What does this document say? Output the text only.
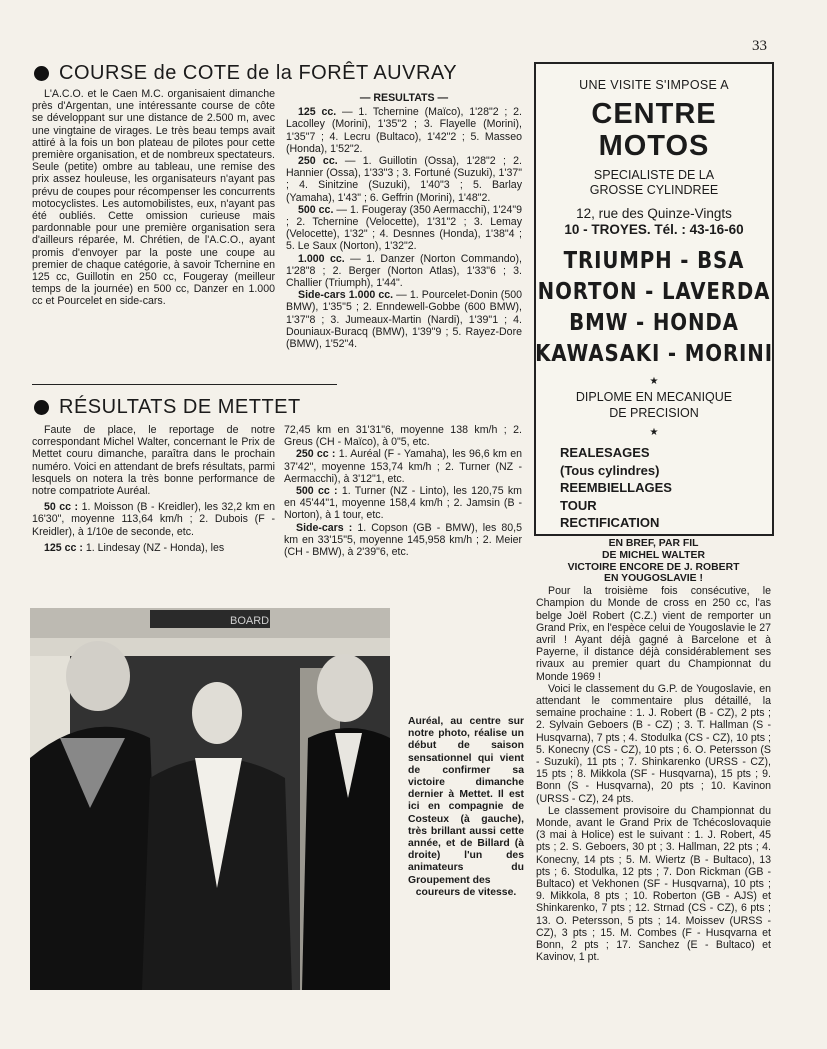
33
COURSE de COTE de la FORÊT AUVRAY

L'A.C.O. et le Caen M.C. organisaient dimanche près d'Argentan, une intéressante course de côte se développant sur une distance de 2.500 m, avec une vingtaine de virages. Le très beau temps avait attiré à la fois un bon plateau de pilotes pour cette première organisation, et de nombreux spectateurs. Seule (petite) ombre au tableau, une remise des prix assez houleuse, les organisateurs n'ayant pas prévu de coupes pour récompenser les concurrents motocyclistes. Les automobilistes, eux, n'ayant pas été oubliés. Cette omission curieuse mais pardonnable pour une première organisation sera d'ailleurs réparée, M. Chrétien, de l'A.C.O., ayant promis d'envoyer par la poste une coupe au premier de chaque catégorie, à savoir Tchernine en 125 cc, Guillotin en 250 cc, Fougeray (meilleur temps de la journée) en 500 cc, Danzer en 1.000 cc et Pourcelet en side-cars.

— RESULTATS —

125 cc. — 1. Tchernine (Maïco), 1'28"2 ; 2. Lacolley (Morini), 1'35"2 ; 3. Flayelle (Morini), 1'35"7 ; 4. Lecru (Bultaco), 1'42"2 ; 5. Masseo (Honda), 1'52"2.

250 cc. — 1. Guillotin (Ossa), 1'28"2 ; 2. Hannier (Ossa), 1'33"3 ; 3. Fortuné (Suzuki), 1'37" ; 4. Sinitzine (Suzuki), 1'40"3 ; 5. Barlay (Yamaha), 1'43" ; 6. Geffrin (Morini), 1'48"2.

500 cc. — 1. Fougeray (350 Aermacchi), 1'24"9 ; 2. Tchernine (Velocette), 1'31"2 ; 3. Lemay (Velocette), 1'32" ; 4. Desnnes (Honda), 1'38"4 ; 5. Le Saux (Norton), 1'32"2.

1.000 cc. — 1. Danzer (Norton Commando), 1'28"8 ; 2. Berger (Norton Atlas), 1'33"6 ; 3. Challier (Triumph), 1'44".

Side-cars 1.000 cc. — 1. Pourcelet-Donin (500 BMW), 1'35"5 ; 2. Enndewell-Gobbe (600 BMW), 1'37"8 ; 3. Jumeaux-Martin (Nardi), 1'39"1 ; 4. Douniaux-Buracq (BMW), 1'39"9 ; 5. Rayez-Dore (BMW), 1'52"4.

RÉSULTATS DE METTET

Faute de place, le reportage de notre correspondant Michel Walter, concernant le Prix de Mettet couru dimanche, paraîtra dans le prochain numéro. Voici en attendant de brefs résultats, parmi lesquels on notera la très bonne performance de notre compatriote Auréal.

50 cc : 1. Moisson (B - Kreidler), les 32,2 km en 16'30", moyenne 113,64 km/h ; 2. Dubois (F - Kreidler), à 1/10e de seconde, etc.

125 cc : 1. Lindesay (NZ - Honda), les

72,45 km en 31'31"6, moyenne 138 km/h ; 2. Greus (CH - Maïco), à 0"5, etc.

250 cc : 1. Auréal (F - Yamaha), les 96,6 km en 37'42", moyenne 153,74 km/h ; 2. Turner (NZ - Aermacchi), à 3'12"1, etc.

500 cc : 1. Turner (NZ - Linto), les 120,75 km en 45'44"1, moyenne 158,4 km/h ; 2. Jamsin (B - Norton), à 1 tour, etc.

Side-cars : 1. Copson (GB - BMW), les 80,5 km en 33'15"5, moyenne 145,958 km/h ; 2. Meier (CH - BMW), à 2'39"6, etc.

UNE VISITE S'IMPOSE A
CENTRE
MOTOS
SPECIALISTE DE LA
GROSSE CYLINDREE
12, rue des Quinze-Vingts
10 - TROYES. Tél. : 43-16-60
TRIUMPH - BSA
NORTON - LAVERDA
BMW - HONDA
KAWASAKI - MORINI
★
DIPLOME EN MECANIQUE
DE PRECISION
★
REALESAGES
(Tous cylindres)
REEMBIELLAGES
TOUR
RECTIFICATION
EN BREF, PAR FIL
DE MICHEL WALTER
VICTOIRE ENCORE DE J. ROBERT
EN YOUGOSLAVIE !

Pour la troisième fois consécutive, le Champion du Monde de cross en 250 cc, l'as belge Joël Robert (C.Z.) vient de remporter un Grand Prix, en l'espèce celui de Yougoslavie le 27 avril ! Ayant déjà gagné à Barcelone et à Payerne, il distance déjà considérablement ses rivaux au premier quart du Championnat du Monde 1969 !

Voici le classement du G.P. de Yougoslavie, en attendant le commentaire plus détaillé, la semaine prochaine : 1. J. Robert (B - CZ), 2 pts ; 2. Sylvain Geboers (B - CZ) ; 3. T. Hallman (S - Husqvarna), 7 pts ; 4. Stodulka (CS - CZ), 10 pts ; 5. Konecny (CS - CZ), 10 pts ; 6. O. Petersson (S - Suzuki), 11 pts ; 7. Shinkarenko (URSS - CZ), 15 pts ; 8. Mikkola (SF - Husqvarna), 15 pts ; 9. Bonn (S - Husqvarna), 20 pts ; 10. Kavinon (URSS - CZ), 24 pts.

Le classement provisoire du Championnat du Monde, avant le Grand Prix de Tchécoslovaquie (3 mai à Holice) est le suivant : 1. J. Robert, 45 pts ; 2. S. Geboers, 30 pt ; 3. Hallman, 22 pts ; 4. Konecny, 14 pts ; 5. M. Wiertz (B - Bultaco), 13 pts ; 6. Stodulka, 12 pts ; 7. Don Rickman (GB - Bultaco) et Vekhonen (SF - Husqvarna), 10 pts ; 9. Mikkola, 8 pts ; 10. Roberton (GB - AJS) et Shinkarenko, 7 pts ; 12. Strnad (CS - CZ), 6 pts ; 13. O. Petersson, 5 pts ; 14. Moissev (URSS - CZ), 3 pts ; 15. M. Combes (F - Husqvarna et Bonn, 2 pts ; 17. Sanchez (E - Bultaco) et Kavinov, 1 pt.

BOARD
Auréal, au centre sur notre photo, réalise un début de saison sensationnel qui vient de confirmer sa victoire dimanche dernier à Mettet. Il est ici en compagnie de Costeux (à gauche), très brillant aussi cette année, et de Billard (à droite) l'un des animateurs du Groupement des
coureurs de vitesse.
